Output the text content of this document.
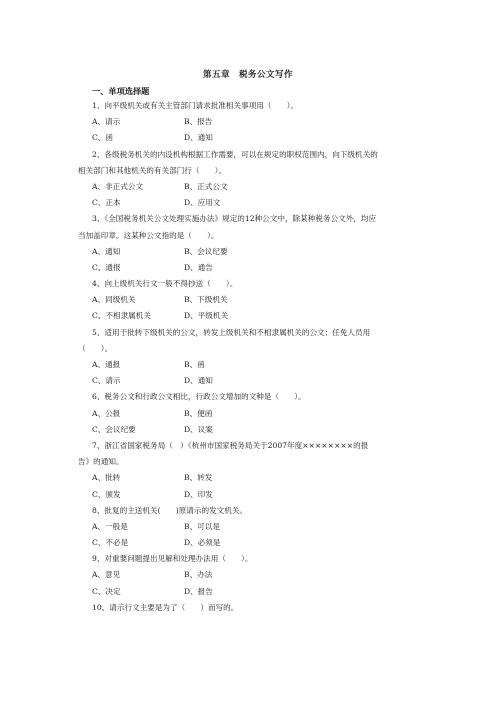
第五章　税务公文写作
一、单项选择题
1、向平级机关或有关主管部门请求批准相关事项用（　　）。
A、请示	B、报告
C、函	D、通知
2、各级税务机关的内设机构根据工作需要，可以在规定的职权范围内，向下级机关的
相关部门和其他机关的有关部门行（　　）。
A、非正式公文	B、正式公文
C、正本	D、应用文
3、《全国税务机关公文处理实施办法》规定的12种公文中，除某种税务公文外，均应
当加盖印章。这某种公文指的是（　　）。
A、通知	B、会议纪要
C、通报	D、通告
4、向上级机关行文一般不得抄送（　　）。
A、同级机关	B、下级机关
C、不相隶属机关	D、平级机关
5、适用于批转下级机关的公文，转发上级机关和不相隶属机关的公文；任免人员用
（　　）。
A、通报	B、函
C、请示	D、通知
6、税务公文和行政公文相比，行政公文增加的文种是（　　）。
A、公报	B、便函
C、会议纪要	D、议案
7、浙江省国家税务局（　）《杭州市国家税务局关于2007年度××××××××的报
告》的通知。
A、批转	B、转发
C、颁发	D、印发
8、批复的主送机关(　　)原请示的发文机关。
A、一般是	B、可以是
C、不必是	D、必须是
9、对重要问题提出见解和处理办法用（　　）。
A、意见	B、办法
C、决定	D、报告
10、请示行文主要是为了（　　）而写的。
